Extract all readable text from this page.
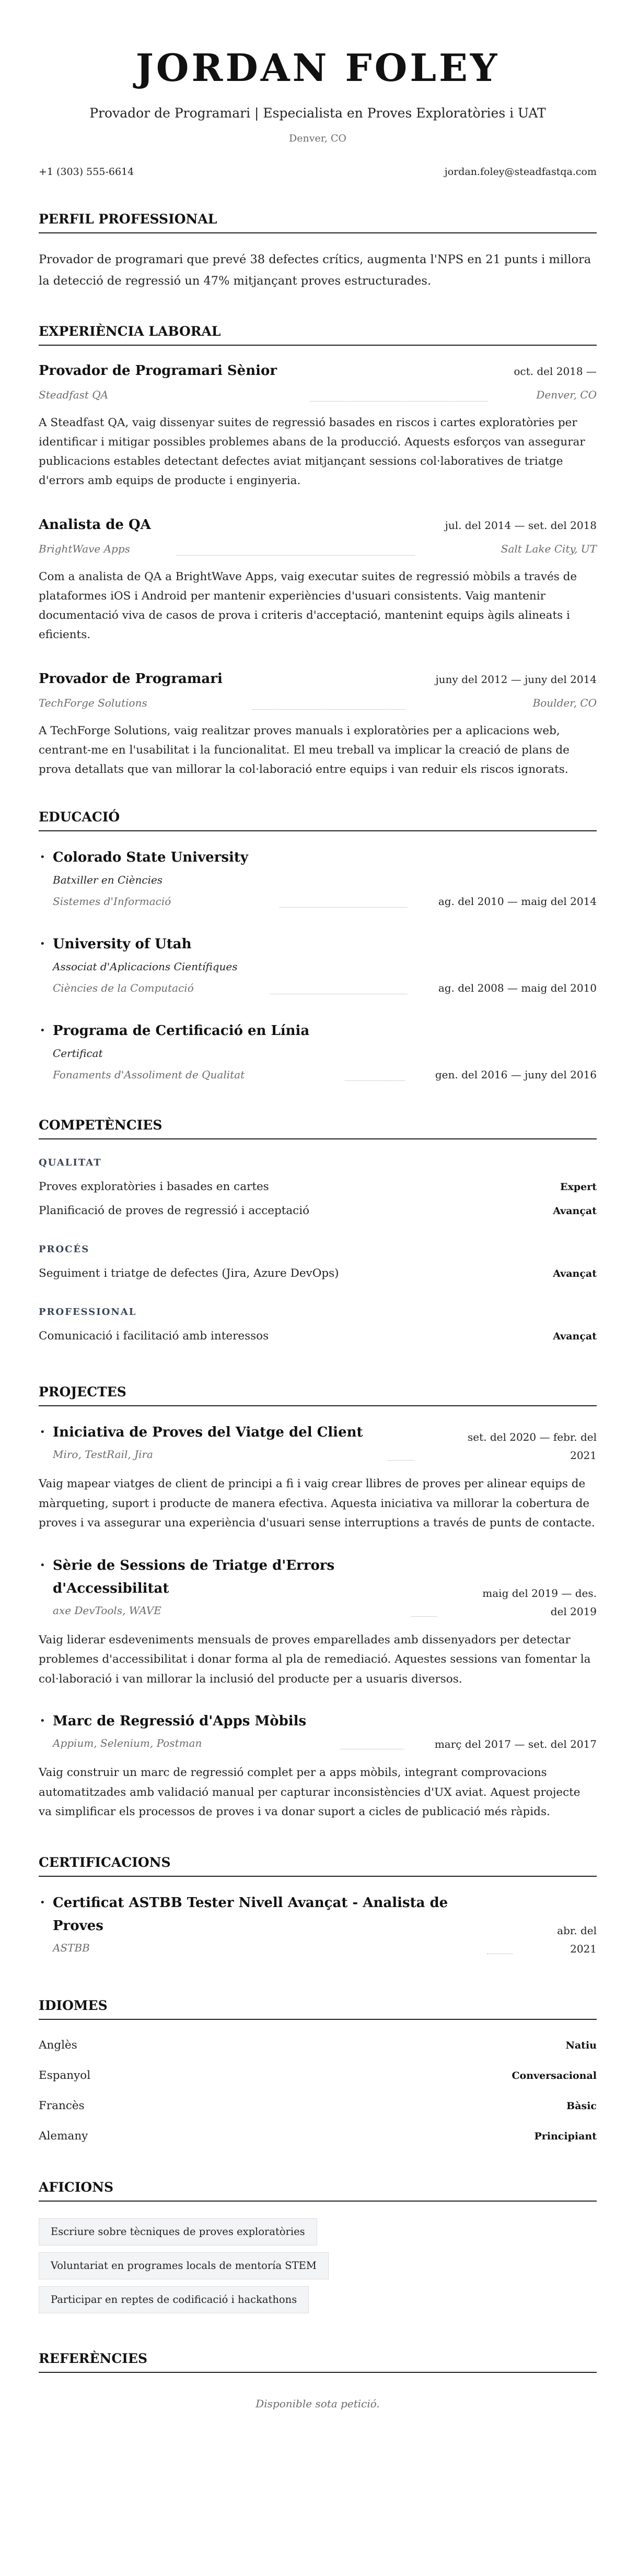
JORDAN FOLEY
Provador de Programari | Especialista en Proves Exploratòries i UAT
Denver, CO
+1 (303) 555-6614	jordan.foley@steadfastqa.com
PERFIL PROFESSIONAL

Provador de programari que prevé 38 defectes crítics, augmenta l'NPS en 21 punts i millora la detecció de regressió un 47% mitjançant proves estructurades.

EXPERIÈNCIA LABORAL
Provador de Programari Sènior	oct. del 2018 —
Steadfast QA	Denver, CO

A Steadfast QA, vaig dissenyar suites de regressió basades en riscos i cartes exploratòries per identificar i mitigar possibles problemes abans de la producció. Aquests esforços van assegurar publicacions estables detectant defectes aviat mitjançant sessions col·laboratives de triatge d'errors amb equips de producte i enginyeria.

Analista de QA	jul. del 2014 — set. del 2018
BrightWave Apps	Salt Lake City, UT

Com a analista de QA a BrightWave Apps, vaig executar suites de regressió mòbils a través de plataformes iOS i Android per mantenir experiències d'usuari consistents. Vaig mantenir documentació viva de casos de prova i criteris d'acceptació, mantenint equips àgils alineats i eficients.

Provador de Programari	juny del 2012 — juny del 2014
TechForge Solutions	Boulder, CO

A TechForge Solutions, vaig realitzar proves manuals i exploratòries per a aplicacions web, centrant-me en l'usabilitat i la funcionalitat. El meu treball va implicar la creació de plans de prova detallats que van millorar la col·laboració entre equips i van reduir els riscos ignorats.

EDUCACIÓ
• Colorado State University
Batxiller en Ciències
Sistemes d'Informació	ag. del 2010 — maig del 2014
• University of Utah
Associat d'Aplicacions Científiques
Ciències de la Computació	ag. del 2008 — maig del 2010
• Programa de Certificació en Línia
Certificat
Fonaments d'Assoliment de Qualitat	gen. del 2016 — juny del 2016
COMPETÈNCIES
QUALITAT
Proves exploratòries i basades en cartes	Expert
Planificació de proves de regressió i acceptació	Avançat
PROCÉS
Seguiment i triatge de defectes (Jira, Azure DevOps)	Avançat
PROFESSIONAL
Comunicació i facilitació amb interessos	Avançat
PROJECTES
• Iniciativa de Proves del Viatge del Client
Miro, TestRail, Jira
set. del 2020 — febr. del 2021

Vaig mapear viatges de client de principi a fi i vaig crear llibres de proves per alinear equips de màrqueting, suport i producte de manera efectiva. Aquesta iniciativa va millorar la cobertura de proves i va assegurar una experiència d'usuari sense interruptions a través de punts de contacte.

• Sèrie de Sessions de Triatge d'Errors d'Accessibilitat
axe DevTools, WAVE
maig del 2019 — des. del 2019

Vaig liderar esdeveniments mensuals de proves emparellades amb dissenyadors per detectar problemes d'accessibilitat i donar forma al pla de remediació. Aquestes sessions van fomentar la col·laboració i van millorar la inclusió del producte per a usuaris diversos.

• Marc de Regressió d'Apps Mòbils
Appium, Selenium, Postman	març del 2017 — set. del 2017

Vaig construir un marc de regressió complet per a apps mòbils, integrant comprovacions automatitzades amb validació manual per capturar inconsistències d'UX aviat. Aquest projecte va simplificar els processos de proves i va donar suport a cicles de publicació més ràpids.

CERTIFICACIONS
• Certificat ASTBB Tester Nivell Avançat - Analista de Proves
ASTBB
abr. del 2021
IDIOMES
Anglès	Natiu
Espanyol	Conversacional
Francès	Bàsic
Alemany	Principiant
AFICIONS
Escriure sobre tècniques de proves exploratòries
Voluntariat en programes locals de mentoría STEM
Participar en reptes de codificació i hackathons
REFERÈNCIES

Disponible sota petició.
